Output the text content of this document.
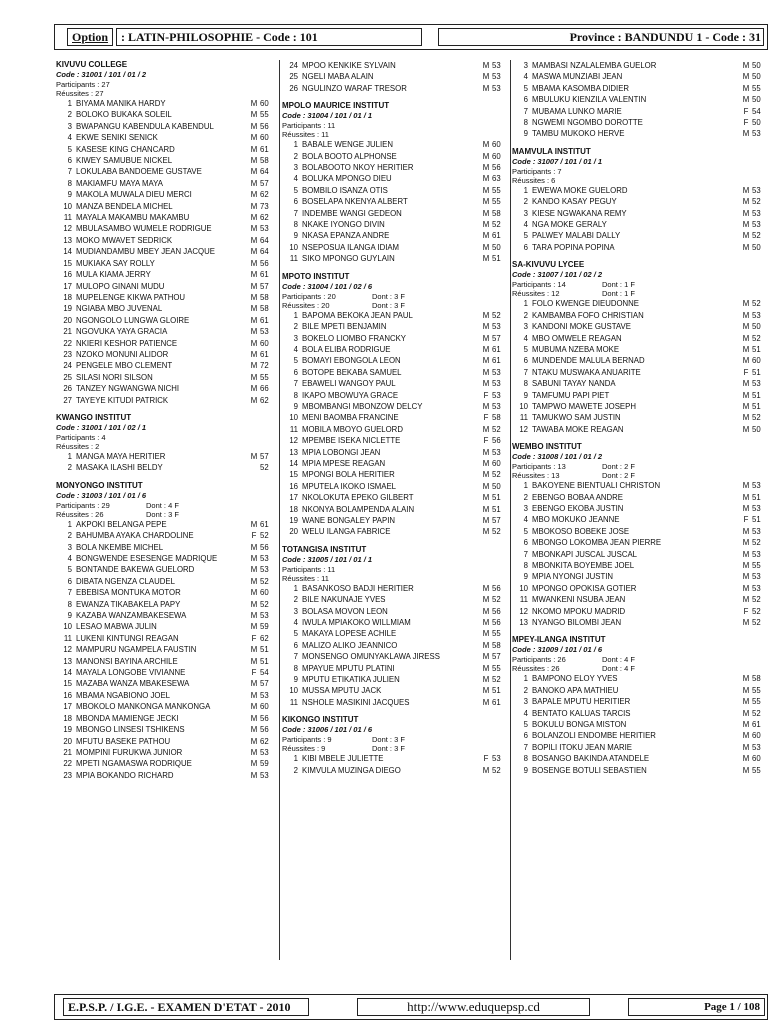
Option	: LATIN-PHILOSOPHIE - Code : 101	Province : BANDUNDU 1 - Code : 31
KIVUVU COLLEGE
Code : 31001 / 101 / 01 / 2
Participants : 27
Réussites : 27
1 BIYAMA MANIKA HARDY	M 60
2 BOLOKO BUKAKA SOLEIL	M 55
3 BWAPANGU KABENDULA KABENDUL	M 56
4 EKWE SENIKI SENICK	M 60
5 KASESE KING CHANCARD	M 61
6 KIWEY SAMUBUE NICKEL	M 58
7 LOKULABA BANDOEME GUSTAVE	M 64
8 MAKIAMFU MAYA MAYA	M 57
9 MAKOLA MUWALA DIEU MERCI	M 62
10 MANZA BENDELA MICHEL	M 73
11 MAYALA MAKAMBU MAKAMBU	M 62
12 MBULASAMBO WUMELE RODRIGUE	M 53
13 MOKO MWAVET SEDRICK	M 64
14 MUDIANDAMBU MBEY JEAN JACQUE	M 64
15 MUKIAKA SAY ROLLY	M 56
16 MULA KIAMA JERRY	M 61
17 MULOPO GINANI MUDU	M 57
18 MUPELENGE KIKWA PATHOU	M 58
19 NGIABA MBO JUVENAL	M 58
20 NGONGOLO LUNGWA GLOIRE	M 61
21 NGOVUKA YAYA GRACIA	M 53
22 NKIERI KESHOR PATIENCE	M 60
23 NZOKO MONUNI ALIDOR	M 61
24 PENGELE MBO CLEMENT	M 72
25 SILASI NORI SILSON	M 55
26 TANZEY NGWANGWA NICHI	M 66
27 TAYEYE KITUDI PATRICK	M 62
KWANGO INSTITUT
Code : 31001 / 101 / 02 / 1
Participants : 4
Réussites : 2
1 MANGA MAYA HERITIER	M 57
2 MASAKA ILASHI BELDY	52
MONYONGO INSTITUT
Code : 31003 / 101 / 01 / 6
Participants : 29	Dont : 4 F
Réussites : 26	Dont : 3 F
1 AKPOKI BELANGA PEPE	M 61
2 BAHUMBA AYAKA CHARDOLINE	F 52
3 BOLA NKEMBE MICHEL	M 56
4 BONGWENDE ESESENGE MADRIQUE	M 53
5 BONTANDE BAKEWA GUELORD	M 53
6 DIBATA NGENZA CLAUDEL	M 52
7 EBEBISA MONTUKA MOTOR	M 60
8 EWANZA TIKABAKELA PAPY	M 52
9 KAZABA WANZAMBAKESEWA	M 53
10 LESAO MABWA JULIN	M 59
11 LUKENI KINTUNGI REAGAN	F 62
12 MAMPURU NGAMPELA FAUSTIN	M 51
13 MANONSI BAYINA ARCHILE	M 51
14 MAYALA LONGOBE VIVIANNE	F 54
15 MAZABA WANZA MBAKESEWA	M 57
16 MBAMA NGABIONO JOEL	M 53
17 MBOKOLO MANKONGA MANKONGA	M 60
18 MBONDA MAMIENGE JECKI	M 56
19 MBONGO LINSESI TSHIKENS	M 56
20 MFUTU BASEKE PATHOU	M 62
21 MOMPINI FURUKWA JUNIOR	M 53
22 MPETI NGAMASWA RODRIQUE	M 59
23 MPIA BOKANDO RICHARD	M 53
24 MPOO KENKIKE SYLVAIN	M 53
25 NGELI MABA ALAIN	M 53
26 NGULINZO WARAF TRESOR	M 53
MPOLO MAURICE INSTITUT
Code : 31004 / 101 / 01 / 1
Participants : 11
Réussites : 11
1 BABALE WENGE JULIEN	M 60
2 BOLA BOOTO ALPHONSE	M 60
3 BOLABOOTO NKOY HERITIER	M 56
4 BOLUKA MPONGO DIEU	M 63
5 BOMBILO ISANZA OTIS	M 55
6 BOSELAPA NKENYA ALBERT	M 55
7 INDEMBE WANGI GEDEON	M 58
8 NKAKE IYONGO DIVIN	M 52
9 NKASA EPANZA ANDRE	M 61
10 NSEPOSUA ILANGA IDIAM	M 50
11 SIKO MPONGO GUYLAIN	M 51
MPOTO INSTITUT
Code : 31004 / 101 / 02 / 6
Participants : 20	Dont : 3 F
Réussites : 20	Dont : 3 F
1 BAPOMA BEKOKA JEAN PAUL	M 52
2 BILE MPETI BENJAMIN	M 53
3 BOKELO LIOMBO FRANCKY	M 57
4 BOLA ELIBA RODRIGUE	M 61
5 BOMAYI EBONGOLA LEON	M 61
6 BOTOPE BEKABA SAMUEL	M 53
7 EBAWELI WANGOY PAUL	M 53
8 IKAPO MBOWUYA GRACE	F 53
9 MBOMBANGI MBONZOW DELCY	M 53
10 MENI BAOMBA FRANCINE	F 58
11 MOBILA MBOYO GUELORD	M 52
12 MPEMBE ISEKA NICLETTE	F 56
13 MPIA LOBONGI JEAN	M 53
14 MPIA MPESE REAGAN	M 60
15 MPONGI BOLA HERITIER	M 52
16 MPUTELA IKOKO ISMAEL	M 50
17 NKOLOKUTA EPEKO GILBERT	M 51
18 NKONYA BOLAMPENDA ALAIN	M 51
19 WANE BONGALEY PAPIN	M 57
20 WELU ILANGA FABRICE	M 52
TOTANGISA INSTITUT
Code : 31005 / 101 / 01 / 1
Participants : 11
Réussites : 11
1 BASANKOSO BADJI HERITIER	M 56
2 BILE NAKUNAJE YVES	M 52
3 BOLASA MOVON LEON	M 56
4 IWULA MPIAKOKO WILLMIAM	M 56
5 MAKAYA LOPESE ACHILE	M 55
6 MALIZO ALIKO JEANNICO	M 58
7 MONSENGO OMUNYAKLAWA JIRESS	M 57
8 MPAYUE MPUTU PLATINI	M 55
9 MPUTU ETIKATIKA JULIEN	M 52
10 MUSSA MPUTU JACK	M 51
11 NSHOLE MASIKINI JACQUES	M 61
KIKONGO INSTITUT
Code : 31006 / 101 / 01 / 6
Participants : 9	Dont : 3 F
Réussites : 9	Dont : 3 F
1 KIBI MBELE JULIETTE	F 53
2 KIMVULA MUZINGA DIEGO	M 52
3 MAMBASI NZALALEMBA GUELOR	M 50
4 MASWA MUNZIABI JEAN	M 50
5 MBAMA KASOMBA DIDIER	M 55
6 MBULUKU KIENZILA VALENTIN	M 50
7 MUBAMA LUNKO MARIE	F 54
8 NGWEMI NGOMBO DOROTTE	F 50
9 TAMBU MUKOKO HERVE	M 53
MAMVULA INSTITUT
Code : 31007 / 101 / 01 / 1
Participants : 7
Réussites : 6
1 EWEWA MOKE GUELORD	M 53
2 KANDO KASAY PEGUY	M 52
3 KIESE NGWAKANA REMY	M 53
4 NGA MOKE GERALY	M 53
5 PALWEY MALABI DALLY	M 52
6 TARA POPINA POPINA	M 50
SA-KIVUVU LYCEE
Code : 31007 / 101 / 02 / 2
Participants : 14	Dont : 1 F
Réussites : 12	Dont : 1 F
1 FOLO KWENGE DIEUDONNE	M 52
2 KAMBAMBA FOFO CHRISTIAN	M 53
3 KANDONI MOKE GUSTAVE	M 50
4 MBO OMWELE REAGAN	M 52
5 MUBUMA NZEBA MOKE	M 51
6 MUNDENDE MALULA BERNAD	M 60
7 NTAKU MUSWAKA ANUARITE	F 51
8 SABUNI TAYAY NANDA	M 53
9 TAMFUMU PAPI PIET	M 51
10 TAMPWO MAWETE JOSEPH	M 51
11 TAMUKWO SAM JUSTIN	M 52
12 TAWABA MOKE REAGAN	M 50
WEMBO INSTITUT
Code : 31008 / 101 / 01 / 2
Participants : 13	Dont : 2 F
Réussites : 13	Dont : 2 F
1 BAKOYENE BIENTUALI CHRISTON	M 53
2 EBENGO BOBAA ANDRE	M 51
3 EBENGO EKOBA JUSTIN	M 53
4 MBO MOKUKO JEANNE	F 51
5 MBOKOSO BOBEKE JOSE	M 53
6 MBONGO LOKOMBA JEAN PIERRE	M 52
7 MBONKAPI JUSCAL JUSCAL	M 53
8 MBONKITA BOYEMBE JOEL	M 55
9 MPIA NYONGI JUSTIN	M 53
10 MPONGO OPOKISA GOTIER	M 53
11 MWANKENI NSUBA JEAN	M 52
12 NKOMO MPOKU MADRID	F 52
13 NYANGO BILOMBI JEAN	M 52
MPEY-ILANGA INSTITUT
Code : 31009 / 101 / 01 / 6
Participants : 26	Dont : 4 F
Réussites : 26	Dont : 4 F
1 BAMPONO ELOY YVES	M 58
2 BANOKO APA MATHIEU	M 55
3 BAPALE MPUTU HERITIER	M 55
4 BENTATO KALUAS TARCIS	M 52
5 BOKULU BONGA MISTON	M 61
6 BOLANZOLI ENDOMBE HERITIER	M 60
7 BOPILI ITOKU JEAN MARIE	M 53
8 BOSANGO BAKINDA ATANDELE	M 60
9 BOSENGE BOTULI SEBASTIEN	M 55
E.P.S.P. / I.G.E. - EXAMEN D'ETAT - 2010	http://www.eduquepsp.cd	Page 1 / 108
